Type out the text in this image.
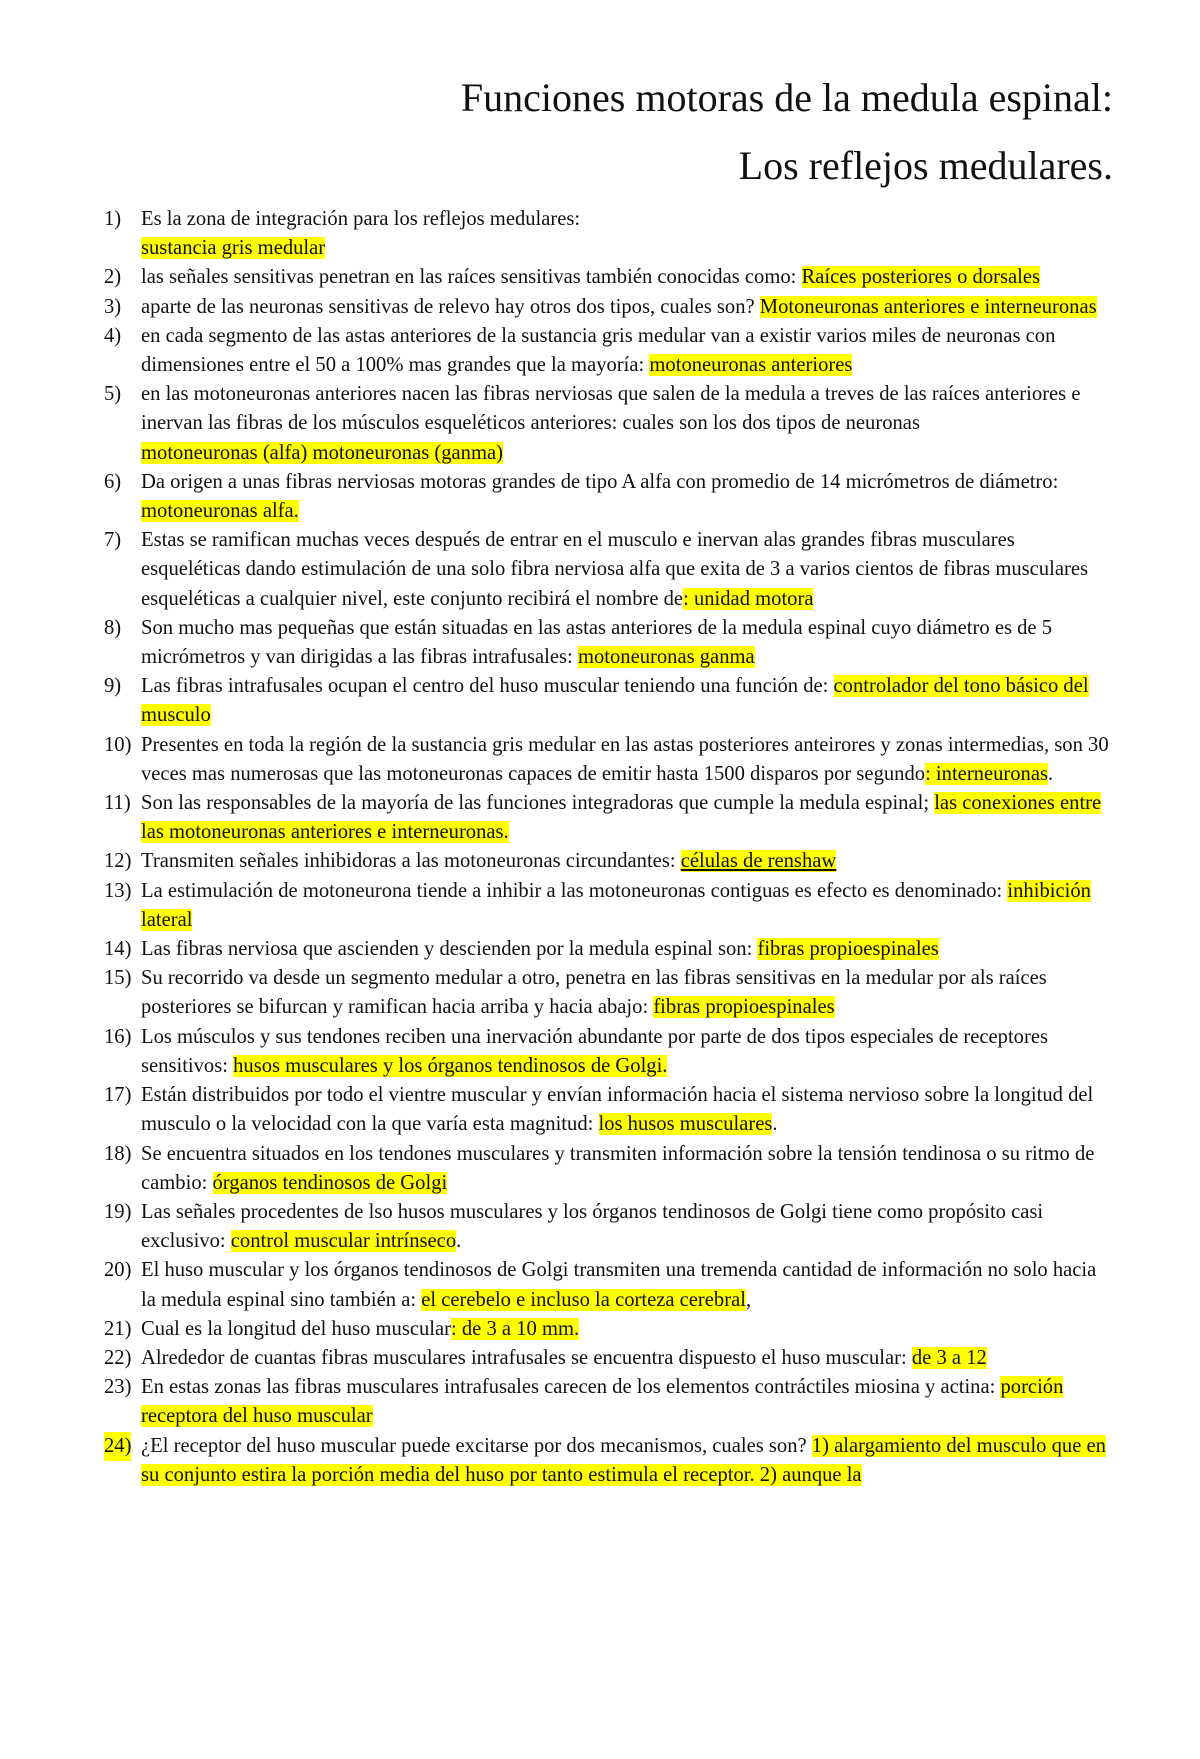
Funciones motoras de la medula espinal:
Los reflejos medulares.
1) Es la zona de integración para los reflejos medulares:
sustancia gris medular
2) las señales sensitivas penetran en las raíces sensitivas también conocidas como: Raíces posteriores o dorsales
3) aparte de las neuronas sensitivas de relevo hay otros dos tipos, cuales son? Motoneuronas anteriores e interneuronas
4) en cada segmento de las astas anteriores de la sustancia gris medular van a existir varios miles de neuronas con dimensiones entre el 50 a 100% mas grandes que la mayoría: motoneuronas anteriores
5) en las motoneuronas anteriores nacen las fibras nerviosas que salen de la medula a treves de las raíces anteriores e inervan las fibras de los músculos esqueléticos anteriores: cuales son los dos tipos de neuronas
motoneuronas (alfa) motoneuronas (ganma)
6) Da origen a unas fibras nerviosas motoras grandes de tipo A alfa con promedio de 14 micrómetros de diámetro: motoneuronas alfa.
7) Estas se ramifican muchas veces después de entrar en el musculo e inervan alas grandes fibras musculares esqueléticas dando estimulación de una solo fibra nerviosa alfa que exita de 3 a varios cientos de fibras musculares esqueléticas a cualquier nivel, este conjunto recibirá el nombre de: unidad motora
8) Son mucho mas pequeñas que están situadas en las astas anteriores de la medula espinal cuyo diámetro es de 5 micrómetros y van dirigidas a las fibras intrafusales: motoneuronas ganma
9) Las fibras intrafusales ocupan el centro del huso muscular teniendo una función de: controlador del tono básico del musculo
10) Presentes en toda la región de la sustancia gris medular en las astas posteriores anteirores y zonas intermedias, son 30 veces mas numerosas que las motoneuronas capaces de emitir hasta 1500 disparos por segundo: interneuronas.
11) Son las responsables de la mayoría de las funciones integradoras que cumple la medula espinal; las conexiones entre las motoneuronas anteriores e interneuronas.
12) Transmiten señales inhibidoras a las motoneuronas circundantes: células de renshaw
13) La estimulación de motoneurona tiende a inhibir a las motoneuronas contiguas es efecto es denominado: inhibición lateral
14) Las fibras nerviosa que ascienden y descienden por la medula espinal son: fibras propioespinales
15) Su recorrido va desde un segmento medular a otro, penetra en las fibras sensitivas en la medular por als raíces posteriores se bifurcan y ramifican hacia arriba y hacia abajo: fibras propioespinales
16) Los músculos y sus tendones reciben una inervación abundante por parte de dos tipos especiales de receptores sensitivos: husos musculares y los órganos tendinosos de Golgi.
17) Están distribuidos por todo el vientre muscular y envían información hacia el sistema nervioso sobre la longitud del musculo o la velocidad con la que varía esta magnitud: los husos musculares.
18) Se encuentra situados en los tendones musculares y transmiten información sobre la tensión tendinosa o su ritmo de cambio: órganos tendinosos de Golgi
19) Las señales procedentes de lso husos musculares y los órganos tendinosos de Golgi tiene como propósito casi exclusivo: control muscular intrínseco.
20) El huso muscular y los órganos tendinosos de Golgi transmiten una tremenda cantidad de información no solo hacia la medula espinal sino también a: el cerebelo e incluso la corteza cerebral,
21) Cual es la longitud del huso muscular: de 3 a 10 mm.
22) Alrededor de cuantas fibras musculares intrafusales se encuentra dispuesto el huso muscular: de 3 a 12
23) En estas zonas las fibras musculares intrafusales carecen de los elementos contráctiles miosina y actina: porción receptora del huso muscular
24) ¿El receptor del huso muscular puede excitarse por dos mecanismos, cuales son? 1) alargamiento del musculo que en su conjunto estira la porción media del huso por tanto estimula el receptor. 2) aunque la
